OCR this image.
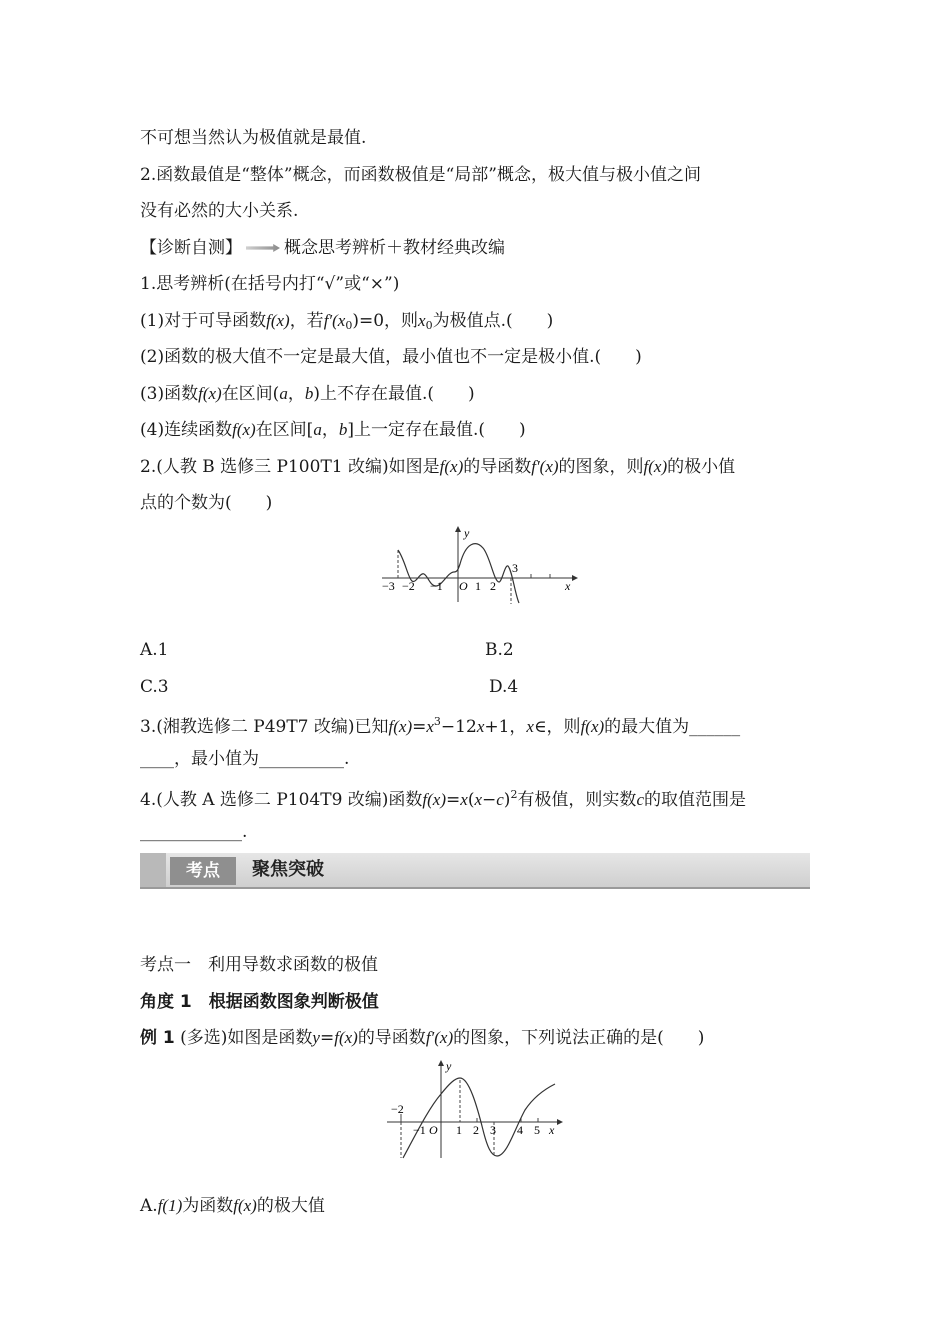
不可想当然认为极值就是最值.
2.函数最值是“整体”概念，而函数极值是“局部”概念，极大值与极小值之间
没有必然的大小关系.
【诊断自测】 概念思考辨析＋教材经典改编
1.思考辨析(在括号内打“√”或“×”)
(1)对于可导函数f(x)，若$f'(x_0)=0$，则$x_0$为极值点.(　　)
(2)函数的极大值不一定是最大值，最小值也不一定是极小值.(　　)
(3)函数f(x)在区间(a，b)上不存在最值.(　　)
(4)连续函数f(x)在区间[a，b]上一定存在最值.(　　)
2.(人教 B 选修三 P100T1 改编)如图是f(x)的导函数f′(x)的图象，则f(x)的极小值
点的个数为(　　)
y
x
−3 −2 −1 O 1 2
3
A.1	B.2
C.3	D.4
3.(湘教选修二 P49T7 改编)已知$f(x)=x^3-12x+1$，x∈，则f(x)的最大值为______
____，最小值为__________.
4.(人教 A 选修二 P104T9 改编)函数$f(x)=x(x-c)^2$有极值，则实数c的取值范围是
____________.
考点	聚焦突破
考点一　利用导数求函数的极值
角度 1　根据函数图象判断极值
例 1 (多选)如图是函数y=f(x)的导函数f′(x)的图象，下列说法正确的是(　　)
y
x
−2
−1 O 1 2 3 4 5
A.f(1)为函数f(x)的极大值
